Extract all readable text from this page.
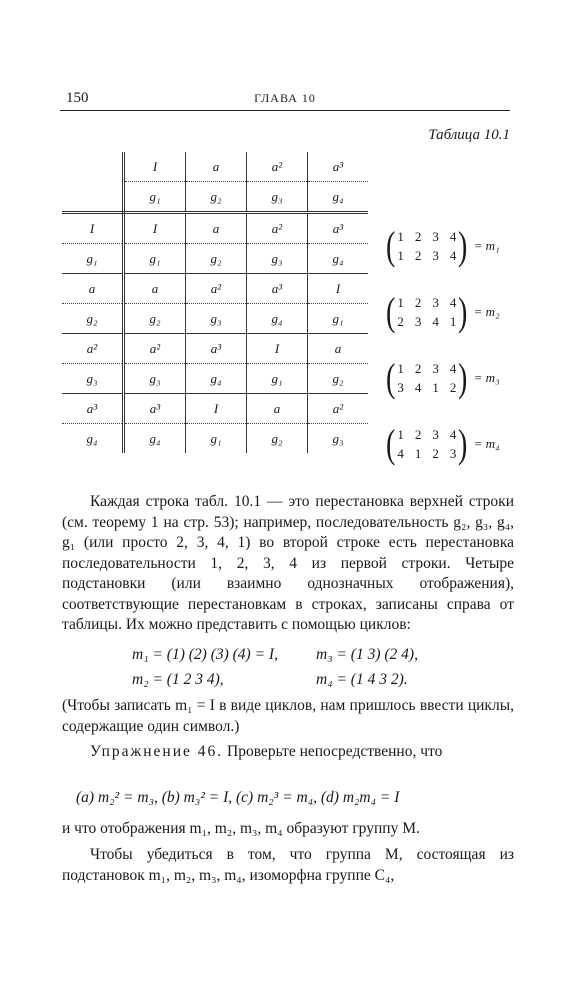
150	ГЛАВА 10
Таблица 10.1
	I	a	a²	a³
	g₁	g₂	g₃	g₄
I	I	a	a²	a³
g₁	g₁	g₂	g₃	g₄
a	a	a²	a³	I
g₂	g₂	g₃	g₄	g₁
a²	a²	a³	I	a
g₃	g₃	g₄	g₁	g₂
a³	a³	I	a	a²
g₄	g₄	g₁	g₂	g₃
( 1 2 3 4
1 2 3 4 ) = m₁
( 1 2 3 4
2 3 4 1 ) = m₂
( 1 2 3 4
3 4 1 2 ) = m₃
( 1 2 3 4
4 1 2 3 ) = m₄

Каждая строка табл. 10.1 — это перестановка верхней строки (см. теорему 1 на стр. 53); например, последовательность g₂, g₃, g₄, g₁ (или просто 2, 3, 4, 1) во второй строке есть перестановка последовательности 1, 2, 3, 4 из первой строки. Четыре подстановки (или взаимно однозначных отображения), соответствующие перестановкам в строках, записаны справа от таблицы. Их можно представить с помощью циклов:

m₁ = (1) (2) (3) (4) = I, m₃ = (1 3) (2 4),
m₂ = (1 2 3 4),	m₄ = (1 4 3 2).

(Чтобы записать m₁ = I в виде циклов, нам пришлось ввести циклы, содержащие один символ.)

Упражнение 46. Проверьте непосредственно, что

(a) m₂² = m₃, (b) m₃² = I, (c) m₂³ = m₄, (d) m₂m₄ = I

и что отображения m₁, m₂, m₃, m₄ образуют группу M.

Чтобы убедиться в том, что группа M, состоящая из подстановок m₁, m₂, m₃, m₄, изоморфна группе C₄,
